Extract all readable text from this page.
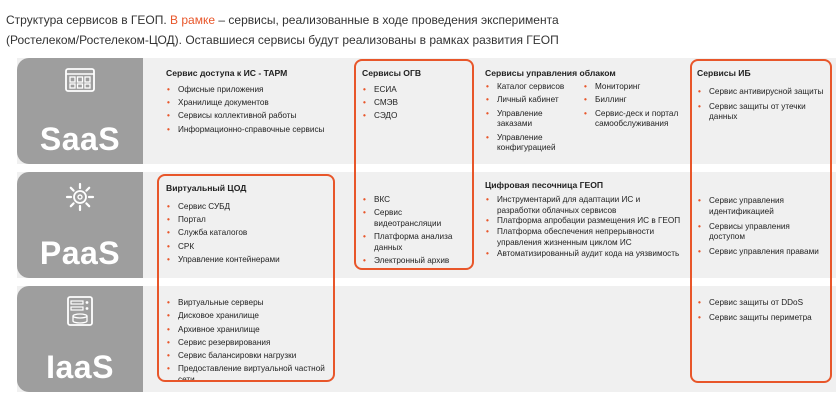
Структура сервисов в ГЕОП. В рамке – сервисы, реализованные в ходе проведения эксперимента
(Ростелеком/Ростелеком-ЦОД). Оставшиеся сервисы будут реализованы в рамках развития ГЕОП
SaaS
PaaS
IaaS
Сервис доступа к ИС - ТАРМ
• Офисные приложения
• Хранилище документов
• Сервисы коллективной работы
• Информационно-справочные сервисы
Сервисы ОГВ
• ЕСИА
• СМЭВ
• СЭДО
Сервисы управления облаком
• Каталог сервисов
• Личный кабинет
• Управление заказами
• Управление конфигурацией
• Мониторинг
• Биллинг
• Сервис-деск и портал самообслуживания
Сервисы ИБ
• Сервис антивирусной защиты
• Сервис защиты от утечки данных
Виртуальный ЦОД
• Сервис СУБД
• Портал
• Служба каталогов
• СРК
• Управление контейнерами
• ВКС
• Сервис видеотрансляции
• Платформа анализа данных
• Электронный архив
Цифровая песочница ГЕОП
• Инструментарий для адаптации ИС и разработки облачных сервисов
• Платформа апробации размещения ИС в ГЕОП
• Платформа обеспечения непрерывности управления жизненным циклом ИС
• Автоматизированный аудит кода на уязвимость
• Сервис управления идентификацией
• Сервисы управления доступом
• Сервис управления правами
• Виртуальные серверы
• Дисковое хранилище
• Архивное хранилище
• Сервис резервирования
• Сервис балансировки нагрузки
• Предоставление виртуальной частной сети
• Сервис защиты от DDoS
• Сервис защиты периметра
